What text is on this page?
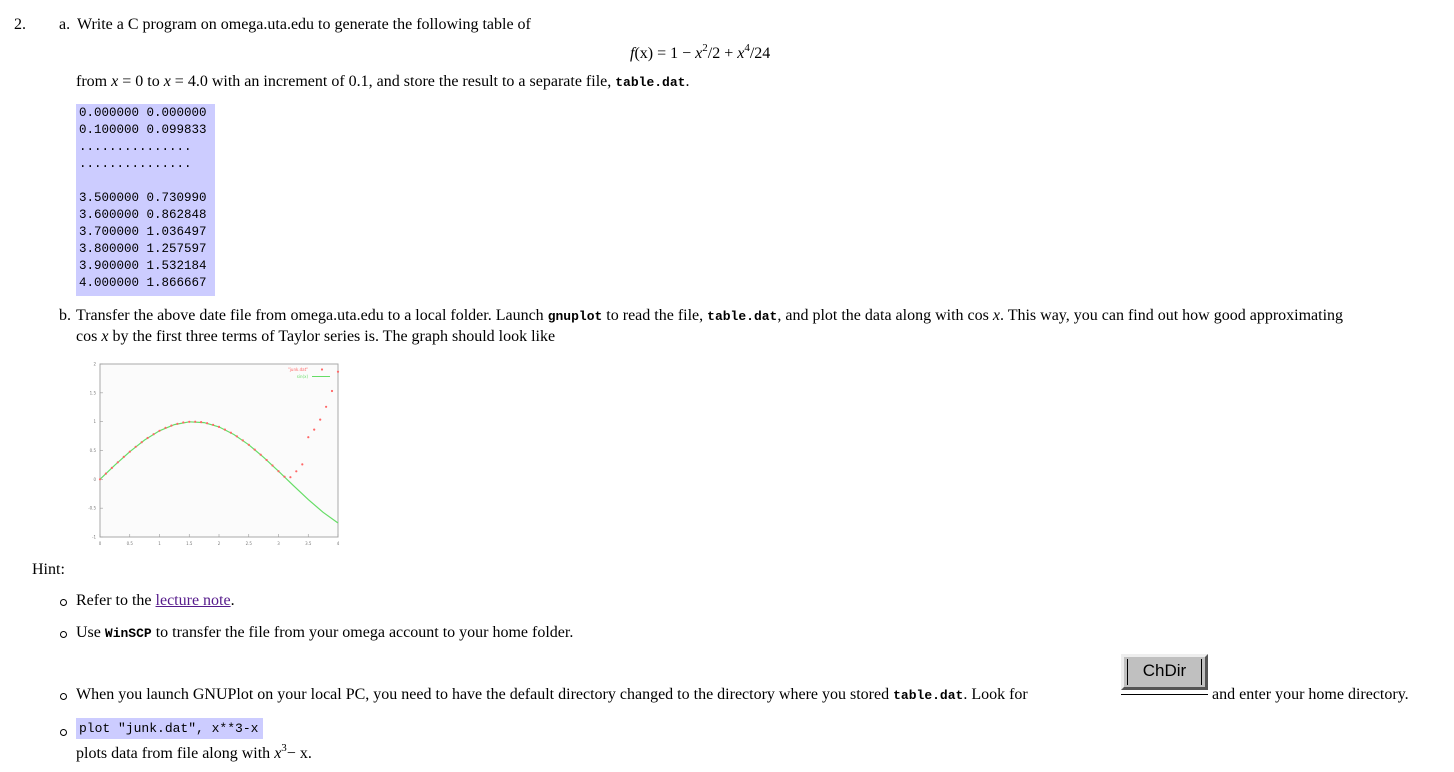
2. a. Write a C program on omega.uta.edu to generate the following table of
$f(x) = 1 - x^2/2 + x^4/24$
from x = 0 to x = 4.0 with an increment of 0.1, and store the result to a separate file, table.dat.
0.000000 0.000000
0.100000 0.099833
...............
...............
3.500000 0.730990
3.600000 0.862848
3.700000 1.036497
3.800000 1.257597
3.900000 1.532184
4.000000 1.866667
b. Transfer the above date file from omega.uta.edu to a local folder. Launch gnuplot to read the file, table.dat, and plot the data along with cos x. This way, you can find out how good approximating
cos x by the first three terms of Taylor series is. The graph should look like
0	0.5	1	1.5	2	2.5	3	3.5	4
-1
-0.5
0
0.5
1
1.5
2
"junk.dat"
sin(x)
Hint:
Refer to the lecture note.
Use WinSCP to transfer the file from your omega account to your home folder.
When you launch GNUPlot on your local PC, you need to have the default directory changed to the directory where you stored table.dat. Look for
ChDir
and enter your home directory.
plot "junk.dat", x**3-x
plots data from file along with $x^3- x$.
